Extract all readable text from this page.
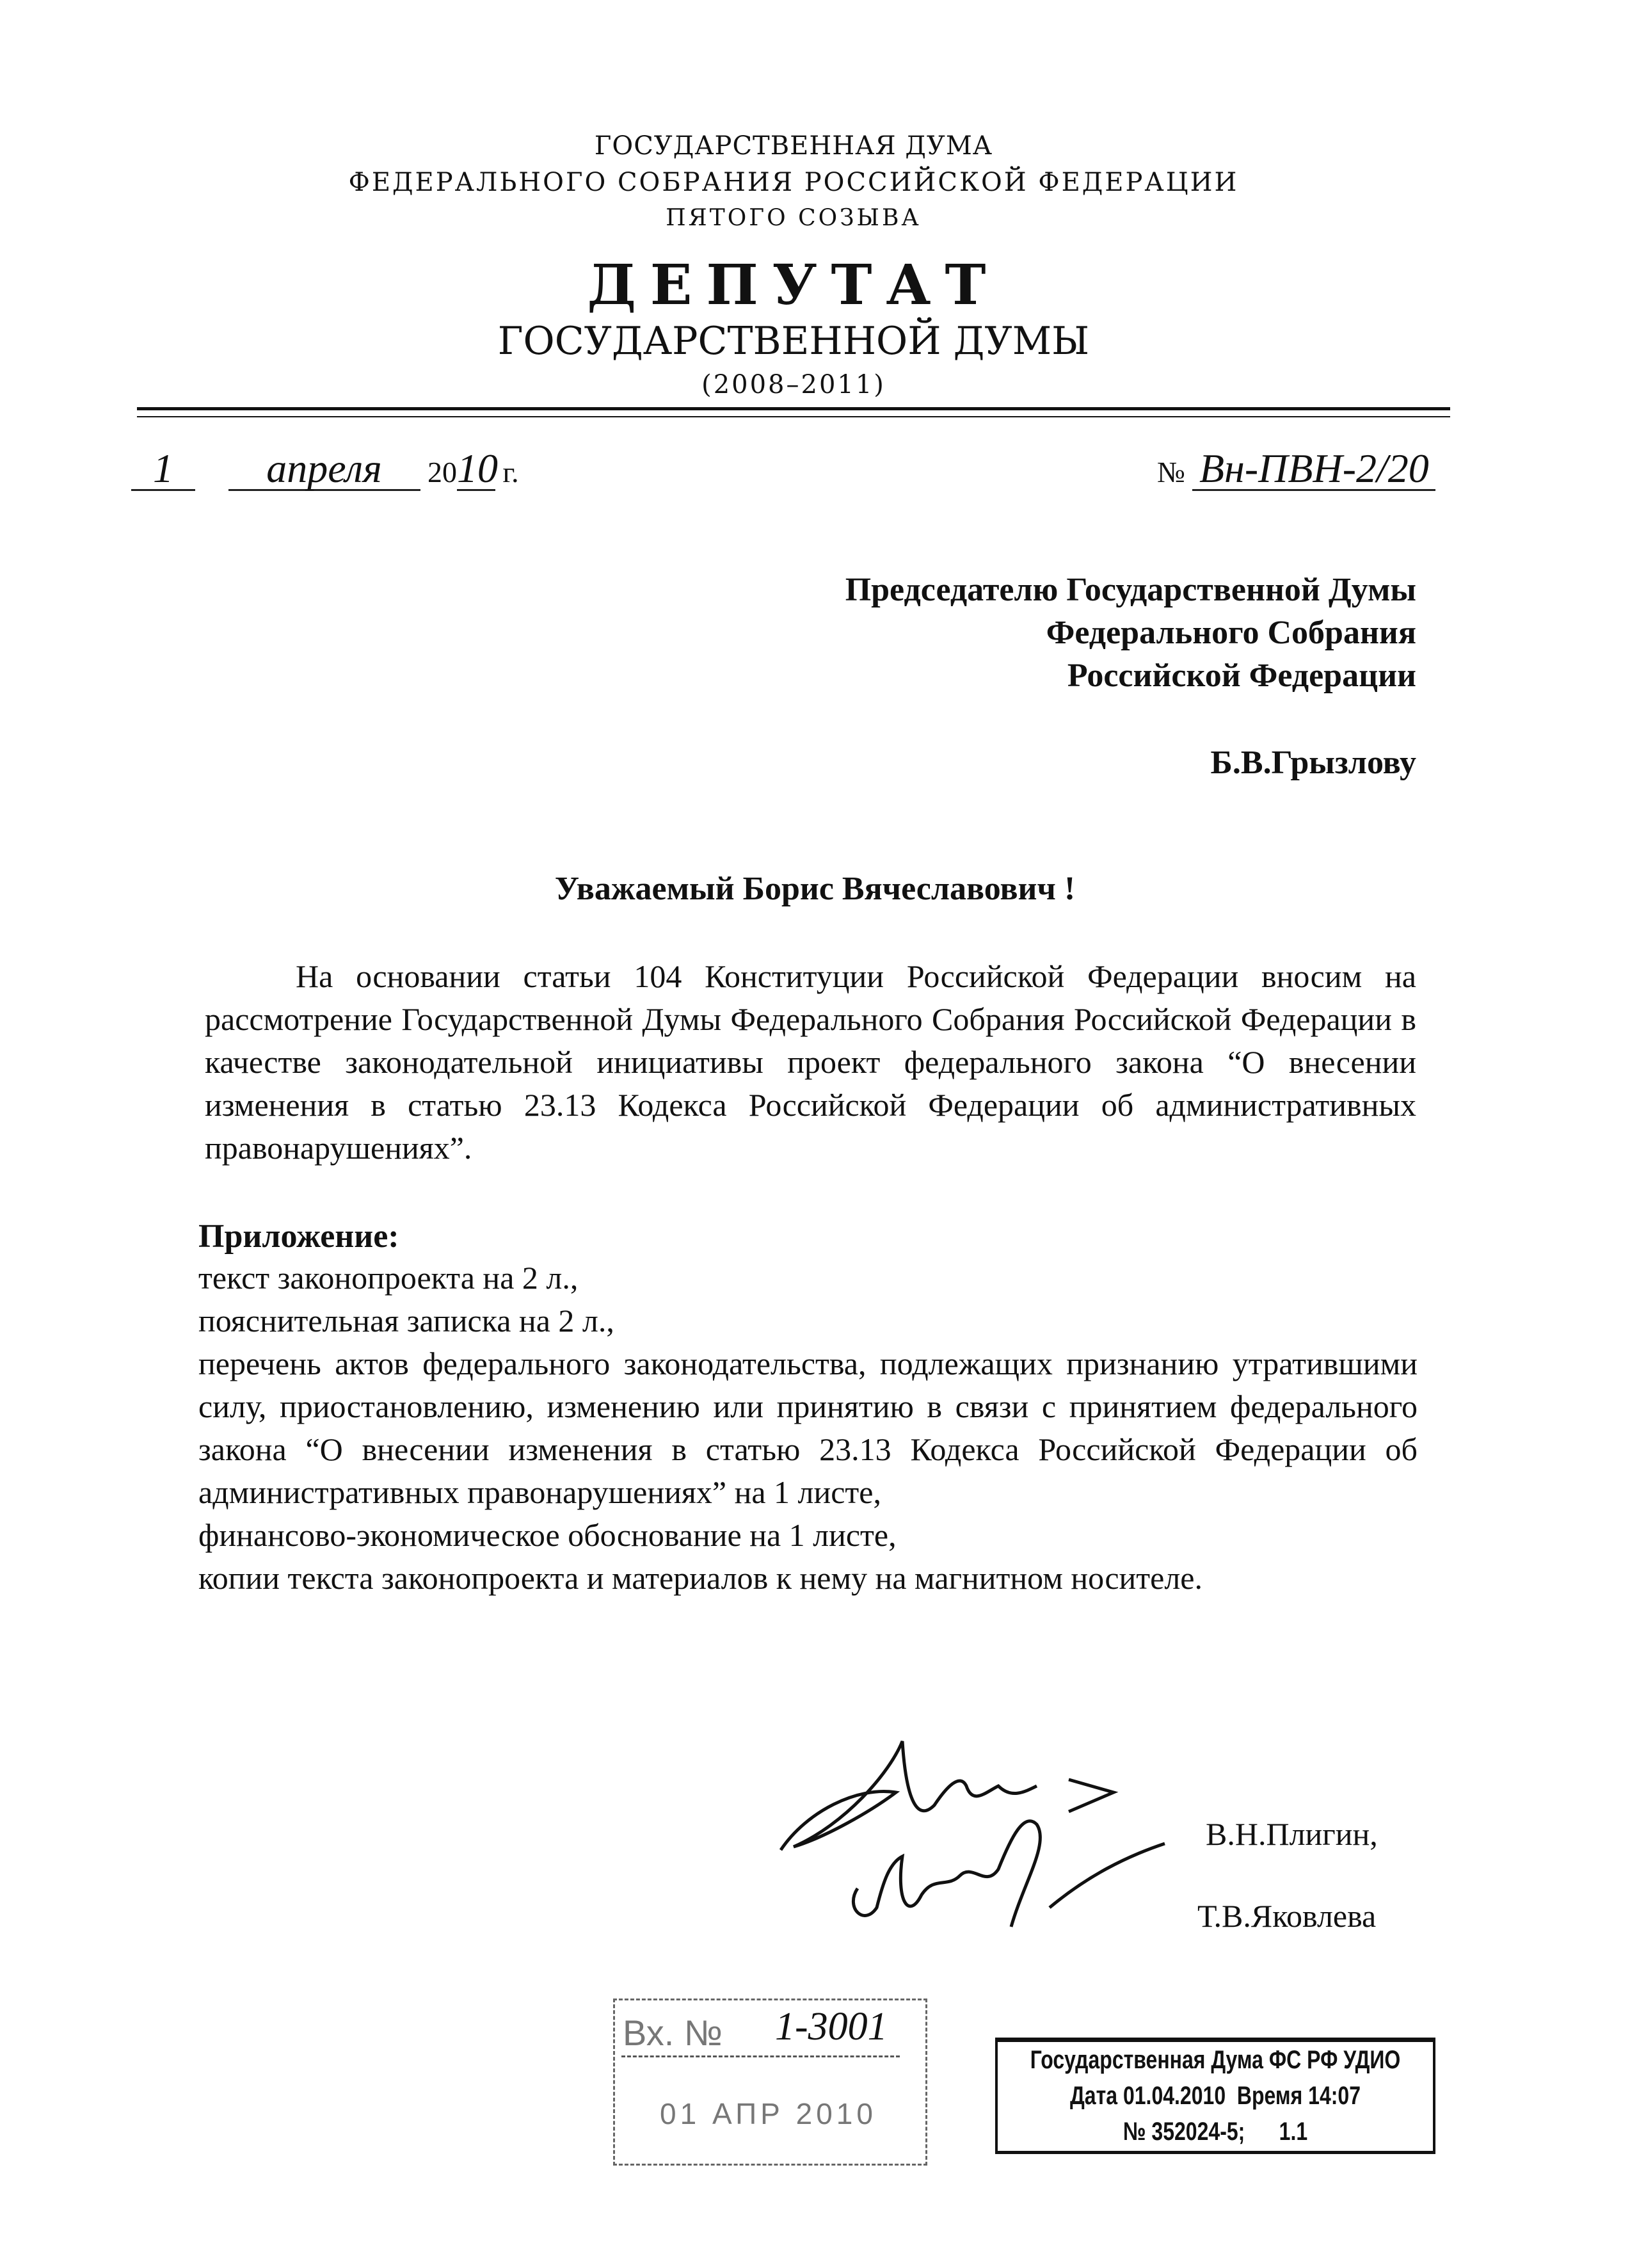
ГОСУДАРСТВЕННАЯ ДУМА
ФЕДЕРАЛЬНОГО СОБРАНИЯ РОССИЙСКОЙ ФЕДЕРАЦИИ
ПЯТОГО СОЗЫВА
ДЕПУТАТ
ГОСУДАРСТВЕННОЙ ДУМЫ
(2008–2011)
1 апреля 2010 г.	№ Вн-ПВН-2/20
Председателю Государственной Думы
Федерального Собрания
Российской Федерации
Б.В.Грызлову
Уважаемый Борис Вячеславович !

На основании статьи 104 Конституции Российской Федерации вносим на рассмотрение Государственной Думы Федерального Собрания Российской Федерации в качестве законодательной инициативы проект федерального закона “О внесении изменения в статью 23.13 Кодекса Российской Федерации об административных правонарушениях”.

Приложение:
текст законопроекта на 2 л.,
пояснительная записка на 2 л.,
перечень актов федерального законодательства, подлежащих признанию утратившими силу, приостановлению, изменению или принятию в связи с принятием федерального закона “О внесении изменения в статью 23.13 Кодекса Российской Федерации об административных правонарушениях” на 1 листе,
финансово-экономическое обоснование на 1 листе,
копии текста законопроекта и материалов к нему на магнитном носителе.
В.Н.Плигин,
Т.В.Яковлева
Вх. № 1-3001
01 АПР 2010
Государственная Дума ФС РФ УДИО
Дата 01.04.2010  Время 14:07
№ 352024-5;      1.1
